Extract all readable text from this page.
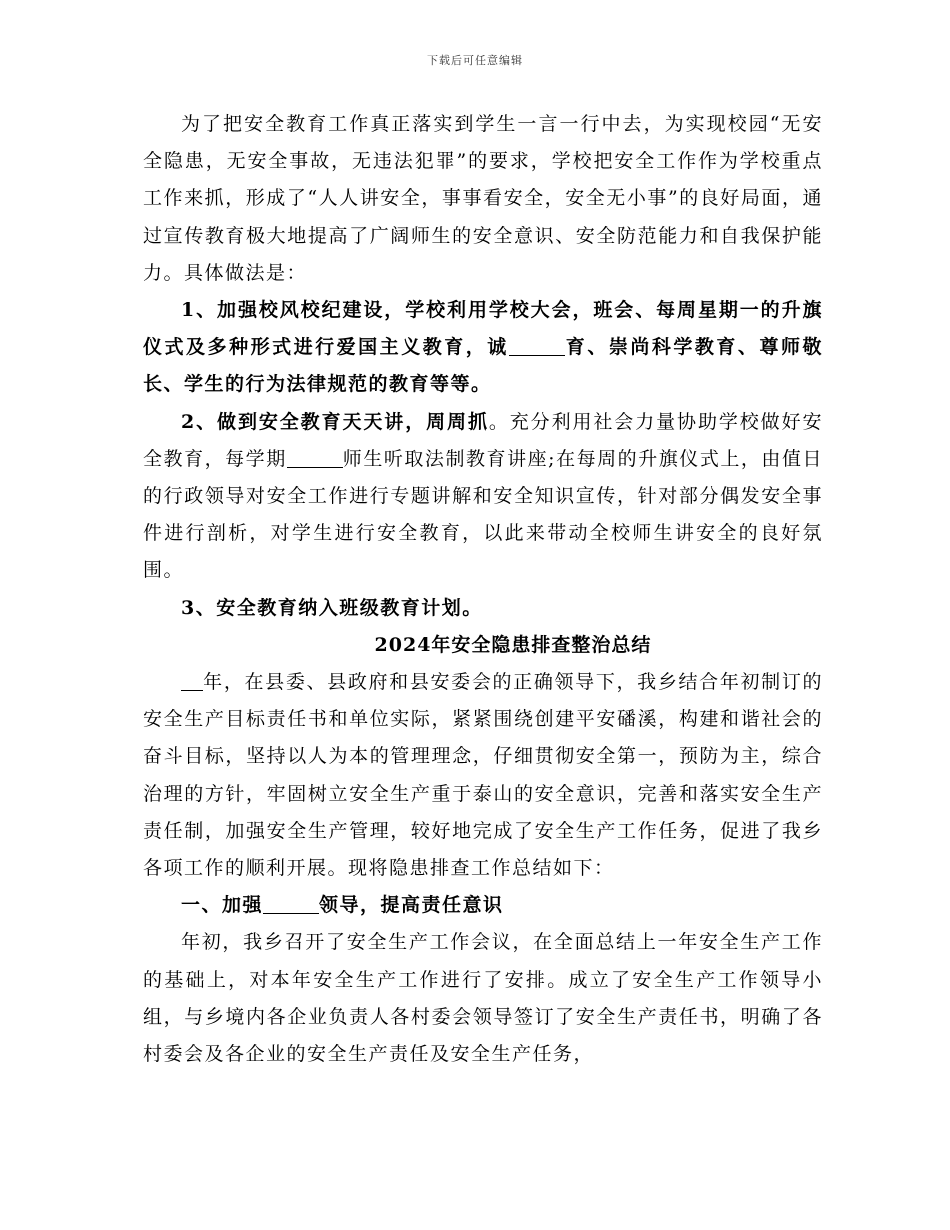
下载后可任意编辑

为了把安全教育工作真正落实到学生一言一行中去，为实现校园“无安全隐患，无安全事故，无违法犯罪”的要求，学校把安全工作作为学校重点工作来抓，形成了“人人讲安全，事事看安全，安全无小事”的良好局面，通过宣传教育极大地提高了广阔师生的安全意识、安全防范能力和自我保护能力。具体做法是：

1、加强校风校纪建设，学校利用学校大会，班会、每周星期一的升旗仪式及多种形式进行爱国主义教育，诚	育、崇尚科学教育、尊师敬长、学生的行为法律规范的教育等等。

2、做到安全教育天天讲，周周抓。充分利用社会力量协助学校做好安全教育，每学期	师生听取法制教育讲座;在每周的升旗仪式上，由值日的行政领导对安全工作进行专题讲解和安全知识宣传，针对部分偶发安全事件进行剖析，对学生进行安全教育，以此来带动全校师生讲安全的良好氛围。

3、安全教育纳入班级教育计划。

2024年安全隐患排查整治总结

年，在县委、县政府和县安委会的正确领导下，我乡结合年初制订的安全生产目标责任书和单位实际，紧紧围绕创建平安磻溪，构建和谐社会的奋斗目标，坚持以人为本的管理理念，仔细贯彻安全第一，预防为主，综合治理的方针，牢固树立安全生产重于泰山的安全意识，完善和落实安全生产责任制，加强安全生产管理，较好地完成了安全生产工作任务，促进了我乡各项工作的顺利开展。现将隐患排查工作总结如下：

一、加强	领导，提高责任意识

年初，我乡召开了安全生产工作会议，在全面总结上一年安全生产工作的基础上，对本年安全生产工作进行了安排。成立了安全生产工作领导小组，与乡境内各企业负责人各村委会领导签订了安全生产责任书，明确了各村委会及各企业的安全生产责任及安全生产任务，
